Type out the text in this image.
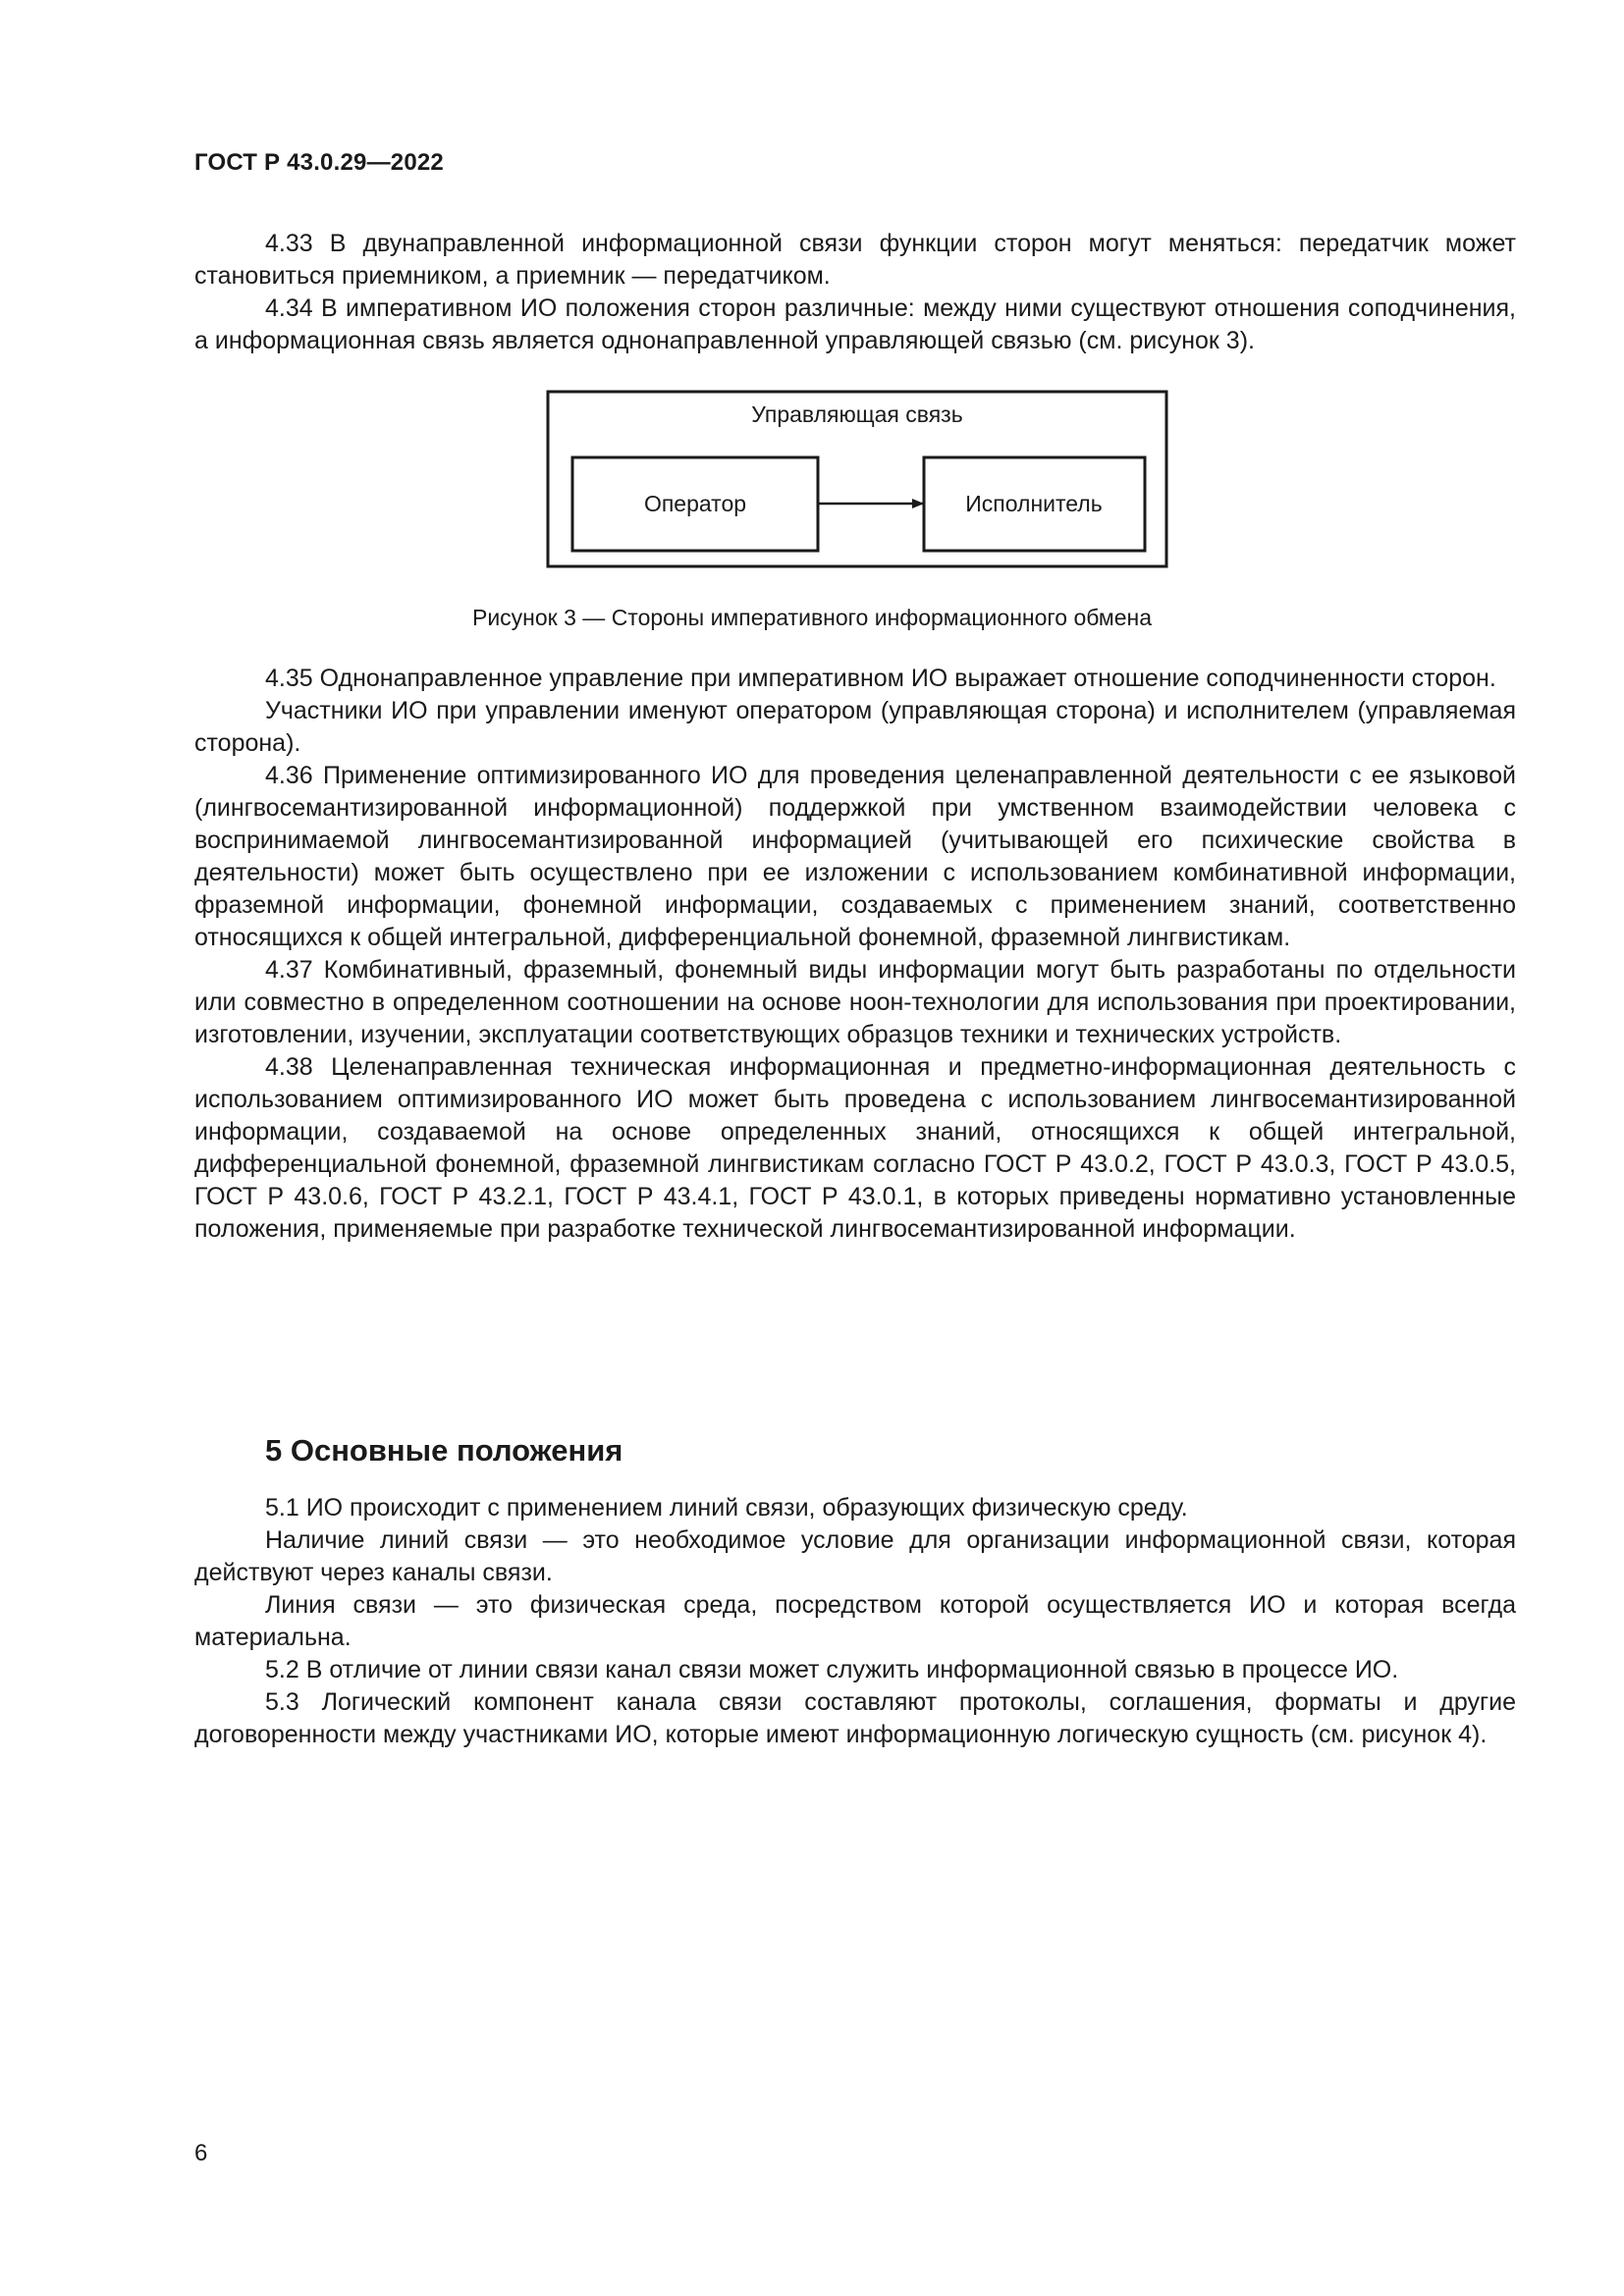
ГОСТ Р 43.0.29—2022

4.33 В двунаправленной информационной связи функции сторон могут меняться: передатчик может становиться приемником, а приемник — передатчиком.

4.34 В императивном ИО положения сторон различные: между ними существуют отношения соподчинения, а информационная связь является однонаправленной управляющей связью (см. рисунок 3).

Управляющая связь
Оператор	Исполнитель
Рисунок 3 — Стороны императивного информационного обмена

4.35 Однонаправленное управление при императивном ИО выражает отношение соподчиненности сторон.

Участники ИО при управлении именуют оператором (управляющая сторона) и исполнителем (управляемая сторона).

4.36 Применение оптимизированного ИО для проведения целенаправленной деятельности с ее языковой (лингвосемантизированной информационной) поддержкой при умственном взаимодействии человека с воспринимаемой лингвосемантизированной информацией (учитывающей его психические свойства в деятельности) может быть осуществлено при ее изложении с использованием комбинативной информации, фраземной информации, фонемной информации, создаваемых с применением знаний, соответственно относящихся к общей интегральной, дифференциальной фонемной, фраземной лингвистикам.

4.37 Комбинативный, фраземный, фонемный виды информации могут быть разработаны по отдельности или совместно в определенном соотношении на основе ноон-технологии для использования при проектировании, изготовлении, изучении, эксплуатации соответствующих образцов техники и технических устройств.

4.38 Целенаправленная техническая информационная и предметно-информационная деятельность с использованием оптимизированного ИО может быть проведена с использованием лингвосемантизированной информации, создаваемой на основе определенных знаний, относящихся к общей интегральной, дифференциальной фонемной, фраземной лингвистикам согласно ГОСТ Р 43.0.2, ГОСТ Р 43.0.3, ГОСТ Р 43.0.5, ГОСТ Р 43.0.6, ГОСТ Р 43.2.1, ГОСТ Р 43.4.1, ГОСТ Р 43.0.1, в которых приведены нормативно установленные положения, применяемые при разработке технической лингвосемантизированной информации.

5 Основные положения

5.1 ИО происходит с применением линий связи, образующих физическую среду.

Наличие линий связи — это необходимое условие для организации информационной связи, которая действуют через каналы связи.

Линия связи — это физическая среда, посредством которой осуществляется ИО и которая всегда материальна.

5.2 В отличие от линии связи канал связи может служить информационной связью в процессе ИО.

5.3 Логический компонент канала связи составляют протоколы, соглашения, форматы и другие договоренности между участниками ИО, которые имеют информационную логическую сущность (см. рисунок 4).

6
